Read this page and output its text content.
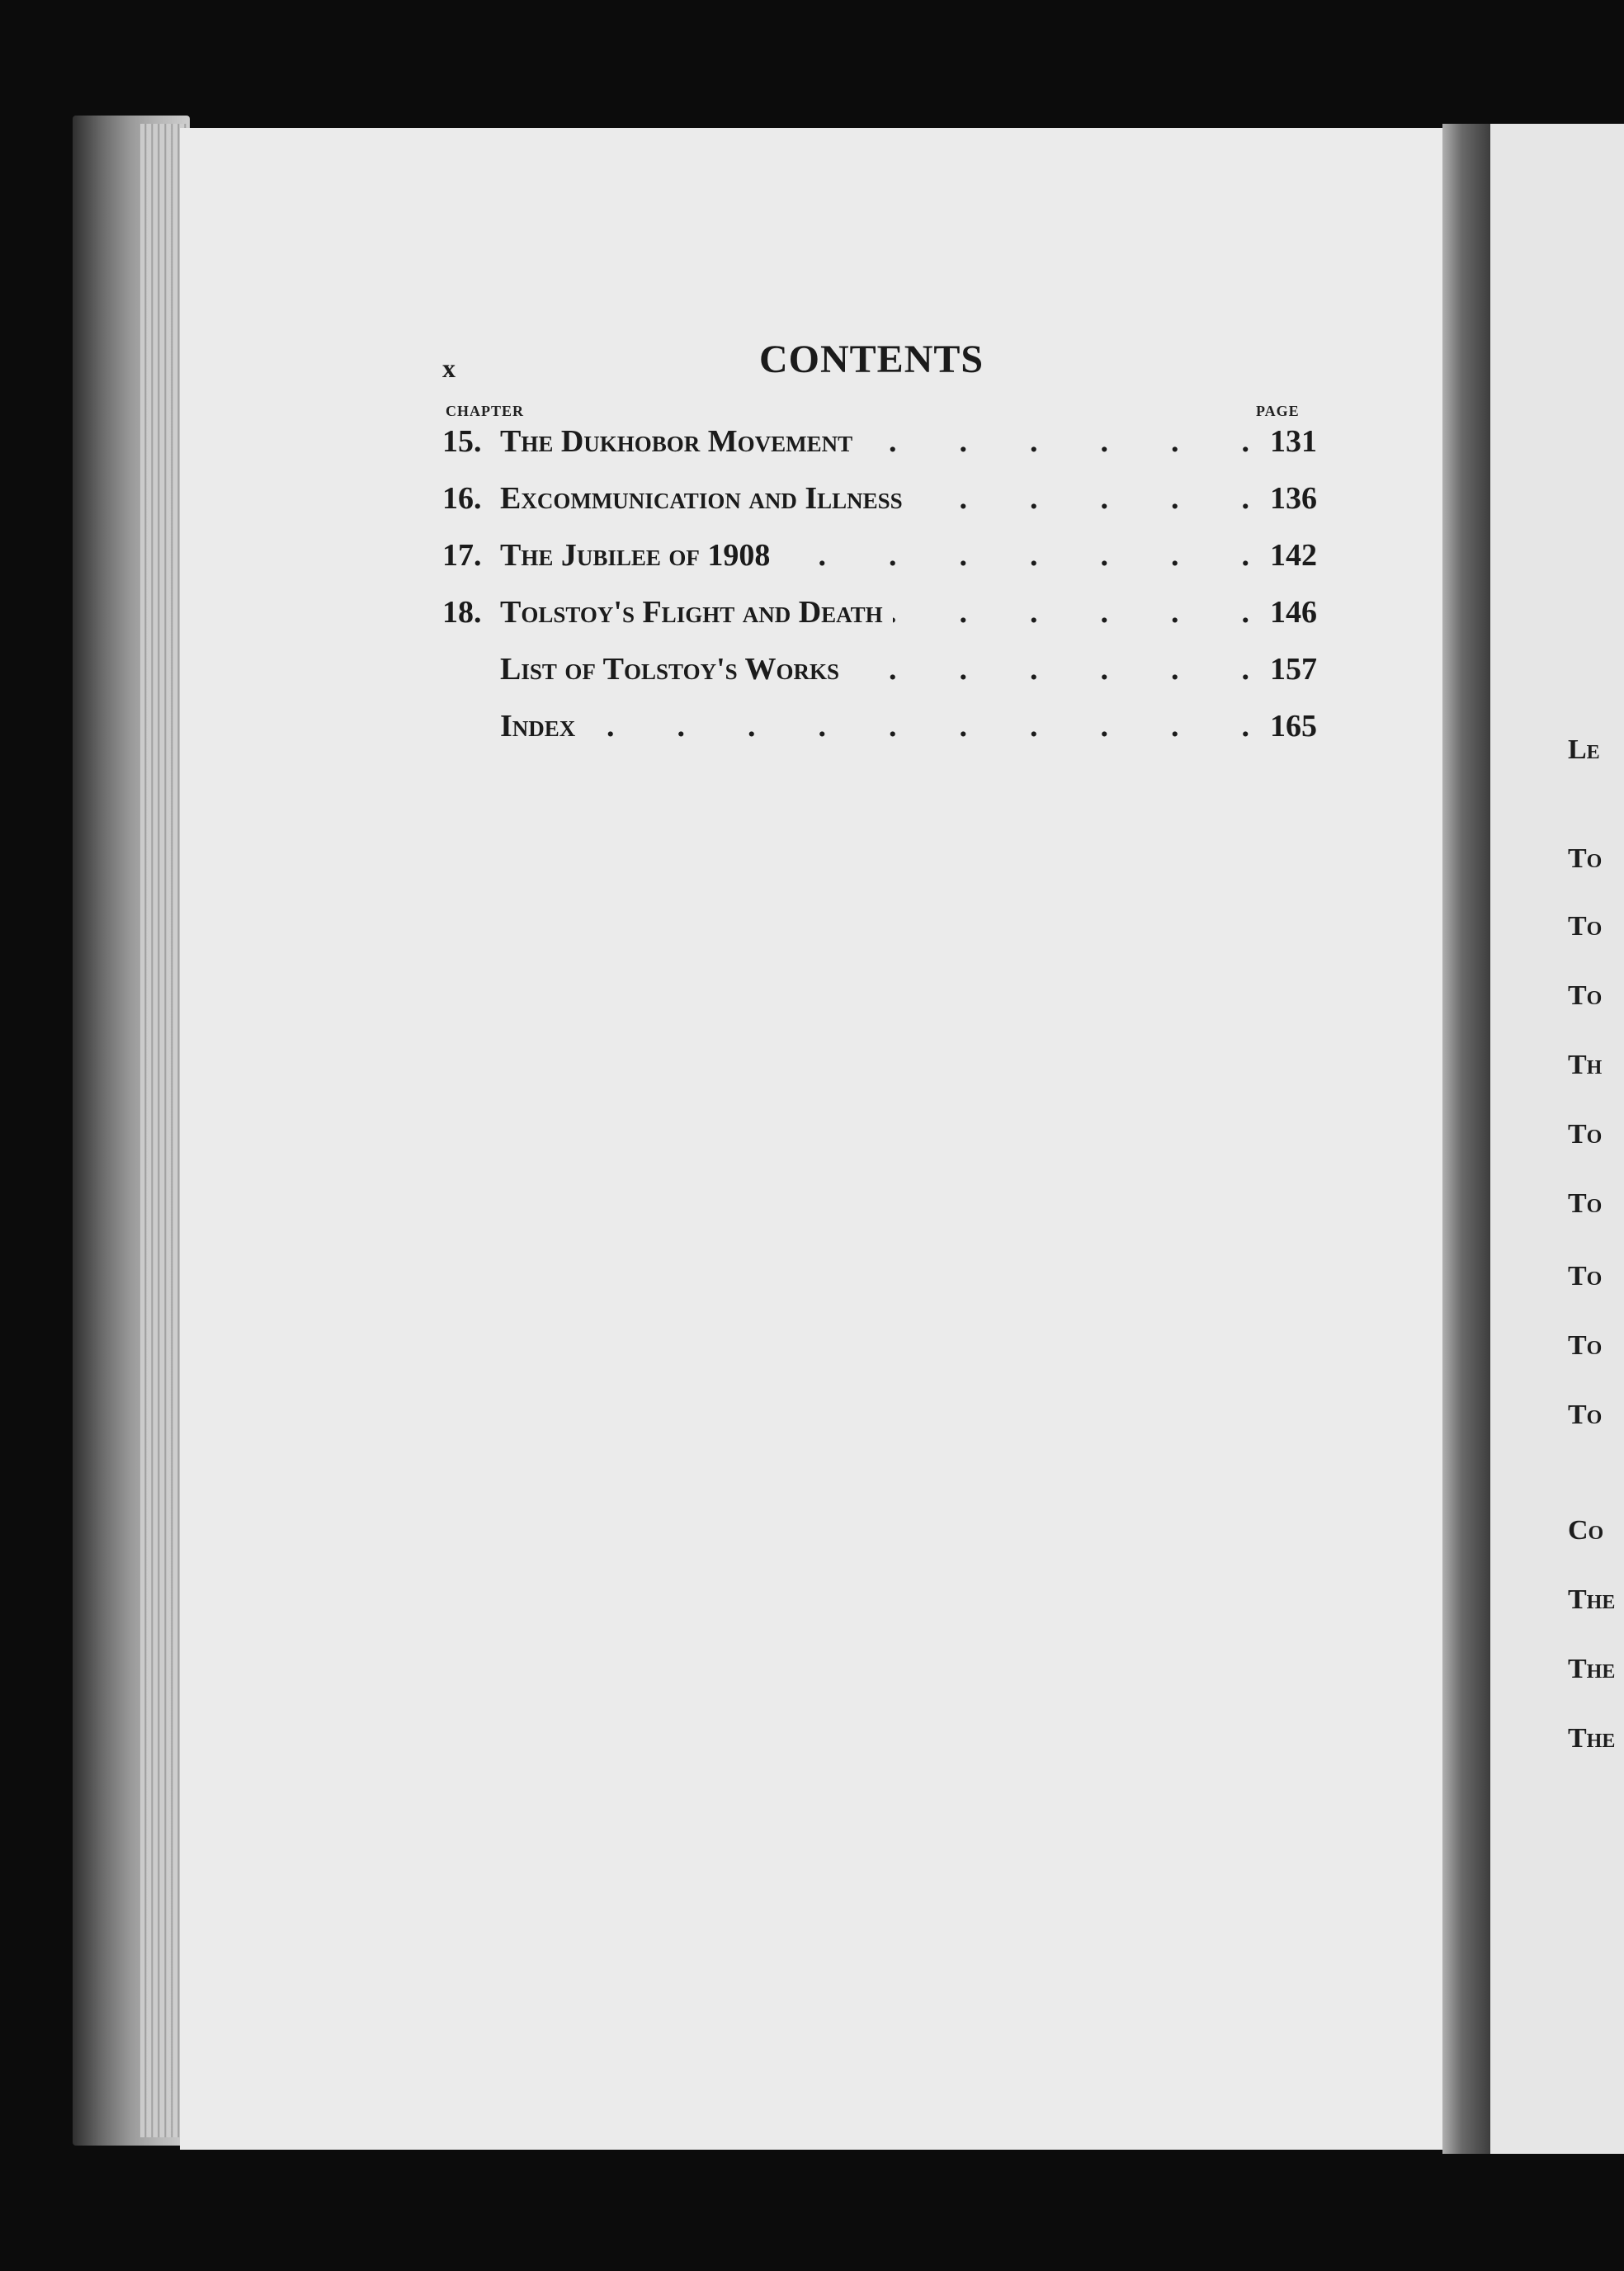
x	CONTENTS
CHAPTER	PAGE
15. The Dukhobor Movement .	131
16. Excommunication and Illness .	136
17. The Jubilee of 1908 .	142
18. Tolstoy's Flight and Death .	146
List of Tolstoy's Works .	157
Index .	165
Le
To
To
To
Th
To
To
To
To
To
Co
The
The
The
